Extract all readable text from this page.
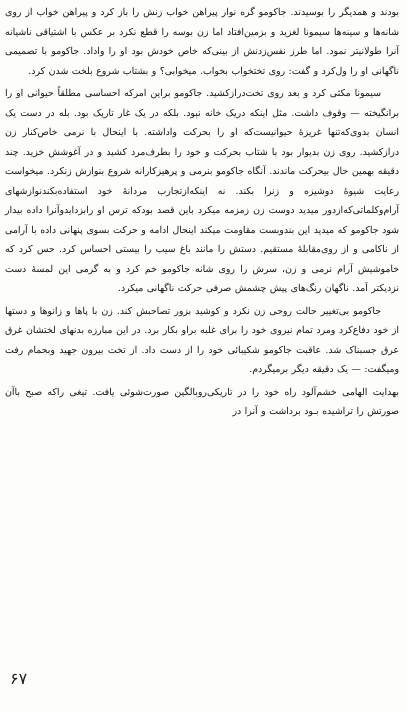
بودند و همدیگر را بوسیدند. جاکومو گره نوار پیراهن خواب زنش را باز کرد و پیراهن خواب از روی شانه‌ها و سینه‌ها سیمونا لغزید و بزمین‌افتاد اما زن بوسه را قطع نکرد بر عکس با اشتیاقی ناشیانه آنرا طولانیتر نمود. اما طرز نفس‌زدنش از بینی‌که خاص خودش بود او را واداد. جاکومو با تصمیمی ناگهانی او را ول‌کرد و گفت: روی تختخواب بخواب. میخوابی؟ و بشتاب شروع بلخت شدن کرد.

سیمونا مکثی کرد و بعد روی تخت‌درازکشید. جاکومو براین امرکه احساسی مطلقاً حیوانی او را برانگیخته — وقوف داشت. مثل اینکه دریک خانه نبود. بلکه در یک غار تاریک بود. بله در دست یک انسان بدوی‌که‌تنها غریزهٔ حیوانیست‌که او را بحرکت واداشته. با اینحال با نرمی خاص‌کنار زن درازکشید. روی زن بدیوار بود با شتاب بحرکت و خود را بطرف‌مرد کشید و در آغوشش خزید. چند دقیقه بهمین حال بیحرکت ماندند. آنگاه جاکومو بنرمی و پرهیزکارانه شروع بنوازش زنکرد. میخواست رعایت شیوهٔ دوشیزه و زنرا بکند. نه اینکه‌ازتجارب مردانهٔ خود استفاده‌بکند‌نوازشهای آرام‌وکلماتی‌که‌ازدور میدید دوست زن زمزمه میکرد باین قصد بود‌که ترس او را‌بزداید‌وآنرا داده بیدار شود جاکومو که میدید این بندوبست مقاومت میکند اینحال ادامه و حرکت بسوی پنهانی داده با آرامی از ناکامی و از روی‌مقابلهٔ مستقیم. دستش را مانند باغ سیب را بیستی احساس کرد. حس کرد که خاموشیش آرام نرمی و زن، سرش را روی شانه جاکومو خم کرد و به گرمی این لمسهٔ دست نزدیکتر آمد. ناگهان رنگ‌های پیش چشمش صرفی حرکت ناگهانی میکرد.

جاکومو بی‌تغییر حالت روحی زن نکرد و کوشید بزور تصاحبش کند. زن با پاها و زانوها و دستها از خود دفاع‌کرد ومرد تمام نیروی خود را برای غلبه براو بکار برد. در این مبارزه بدنهای لختشان غرق عرق جسبناک شد. عاقبت جاکومو شکیبائی خود را از دست داد. از تخت بیرون جهید وبحمام رفت ومیگفت: — یک دقیقه دیگر برمیگردم.

بهدایت الهامی خشم‌آلود راه خود را در تاریکی‌روبالگین صورت‌شوئی یافت. تیغی راکه صبح باآن صورتش را تراشیده بـود برداشت و آنرا در

۶۷
